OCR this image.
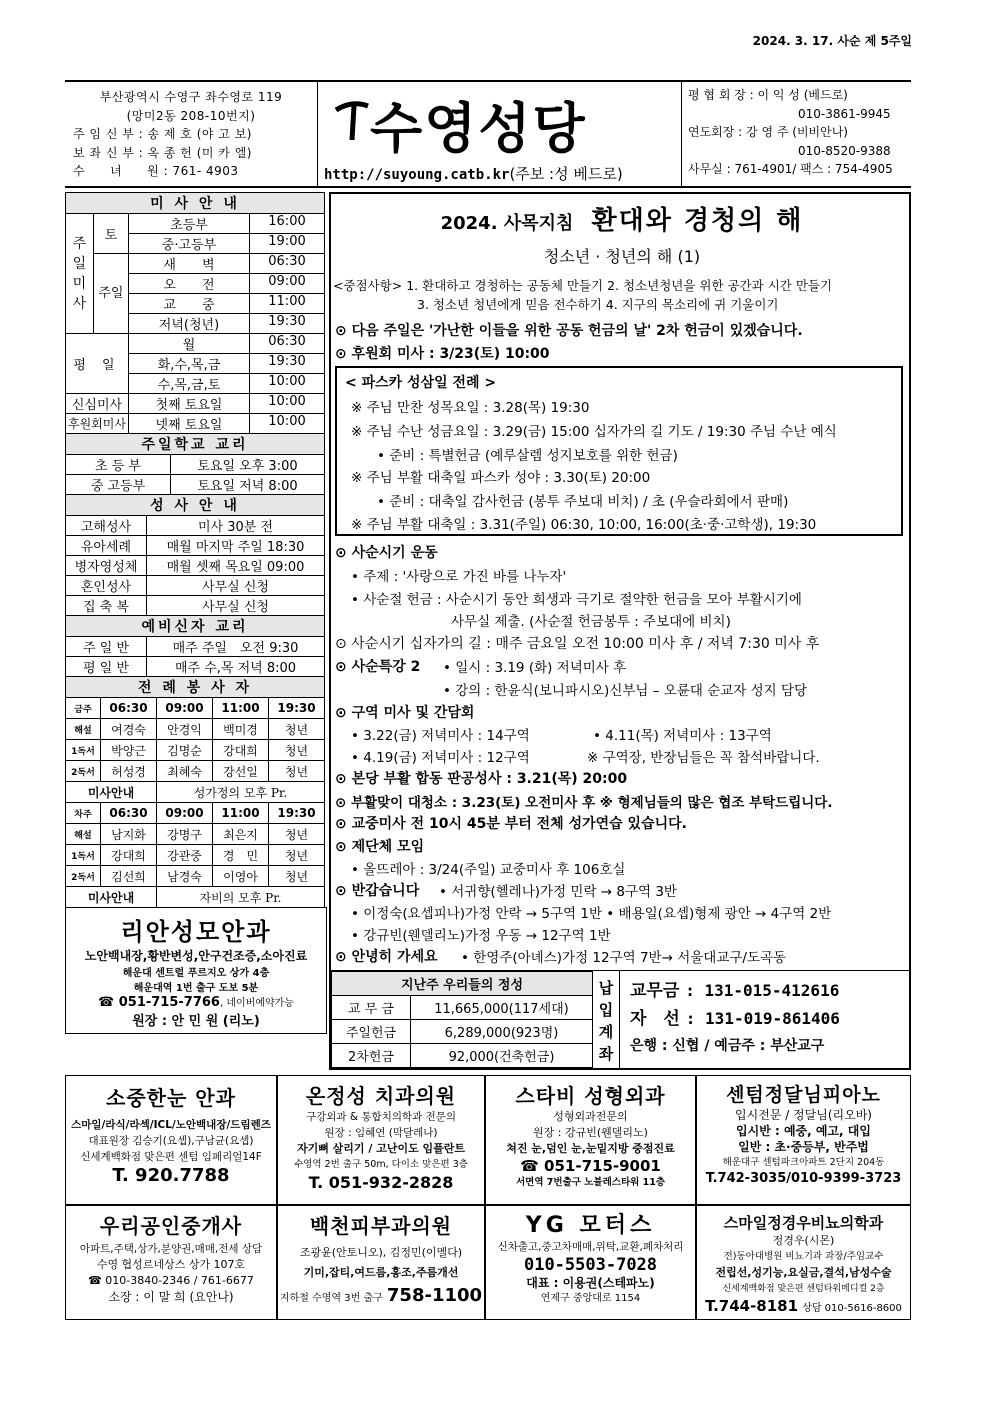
2024. 3. 17. 사순 제 5주일
부산광역시 수영구 좌수영로 119
(망미2동 208-10번지)
주 임 신 부 : 송 제 호 (야 고 보)
보 좌 신 부 : 옥 종 헌 (미 카 엘)
수　　녀　　원 : 761- 4903
수영성당
http://suyoung.catb.kr(주보 :성 베드로)
평 협 회 장 : 이 익 성 (베드로)
010-3861-9945
연도회장 : 강 영 주 (비비안나)
010-8520-9388
사무실 : 761-4901/ 팩스 : 754-4905
미 사 안 내		
주일미사	토	초등부 16:00

		중·고등부 19:00

	주일	새　　벽 06:30

		오　　전 09:00

		교　　중 11:00

		저녁(청년) 19:30

평 일		월 06:30

		화,수,목,금 19:30

		수,목,금,토 10:00

신심미사		첫째 토요일 10:00

후원회미사		넷째 토요일 10:00
주일학교 교리	
초 등 부	토요일 오후 3:00
중 고등부	토요일 저녁 8:00
성 사 안 내	
고해성사	미사 30분 전
유아세례	매월 마지막 주일 18:30
병자영성체	매월 셋째 목요일 09:00
혼인성사	사무실 신청
집 축 복	사무실 신청
예비신자 교리	
주 일 반	매주 주일　오전 9:30
평 일 반	매주 수,목 저녁 8:00
전 례 봉 사 자				
금주	06:30	09:00	11:00	19:30
해설	여경숙	안경익	백미경	청년
1독서	박양근	김명순	강대희	청년
2독서	허성경	최혜숙	강선일	청년
미사안내		성가정의 모후 Pr.		
차주	06:30	09:00	11:00	19:30
해설	남지화	강명구	최은지	청년
1독서	강대희	강관중	경　민	청년
2독서	김선희	남경숙	이영아	청년
미사안내		자비의 모후 Pr.		
리안성모안과
노안백내장,황반변성,안구건조증,소아진료
해운대 센트럴 푸르지오 상가 4층
해운대역 1번 출구 도보 5분
☎ 051-715-7766, 네이버예약가능
원장 : 안 민 원 (리노)
2024. 사목지침 환대와 경청의 해
청소년 · 청년의 해 (1)
<중점사항> 1. 환대하고 경청하는 공동체 만들기 2. 청소년청년을 위한 공간과 시간 만들기
3. 청소년 청년에게 믿음 전수하기 4. 지구의 목소리에 귀 기울이기
⊙ 다음 주일은 '가난한 이들을 위한 공동 헌금의 날' 2차 헌금이 있겠습니다.
⊙ 후원회 미사 : 3/23(토) 10:00
< 파스카 성삼일 전례 >
※ 주님 만찬 성목요일 : 3.28(목) 19:30
※ 주님 수난 성금요일 : 3.29(금) 15:00 십자가의 길 기도 / 19:30 주님 수난 예식
• 준비 : 특별헌금 (예루살렘 성지보호를 위한 헌금)
※ 주님 부활 대축일 파스카 성야 : 3.30(토) 20:00
• 준비 : 대축일 감사헌금 (봉투 주보대 비치) / 초 (우슬라회에서 판매)
※ 주님 부활 대축일 : 3.31(주일) 06:30, 10:00, 16:00(초·중·고학생), 19:30
⊙ 사순시기 운동
• 주제 : '사랑으로 가진 바를 나누자'
• 사순절 헌금 : 사순시기 동안 희생과 극기로 절약한 헌금을 모아 부활시기에
사무실 제출. (사순절 헌금봉투 : 주보대에 비치)
⊙ 사순시기 십자가의 길 : 매주 금요일 오전 10:00 미사 후 / 저녁 7:30 미사 후
⊙ 사순특강 2 • 일시 : 3.19 (화) 저녁미사 후
• 강의 : 한윤식(보니파시오)신부님 – 오륜대 순교자 성지 담당
⊙ 구역 미사 및 간담회
• 3.22(금) 저녁미사 : 14구역	• 4.11(목) 저녁미사 : 13구역
• 4.19(금) 저녁미사 : 12구역	※ 구역장, 반장님들은 꼭 참석바랍니다.
⊙ 본당 부활 합동 판공성사 : 3.21(목) 20:00
⊙ 부활맞이 대청소 : 3.23(토) 오전미사 후 ※ 형제님들의 많은 협조 부탁드립니다.
⊙ 교중미사 전 10시 45분 부터 전체 성가연습 있습니다.
⊙ 제단체 모임
• 올뜨레아 : 3/24(주일) 교중미사 후 106호실
⊙ 반갑습니다 • 서귀향(헬레나)가정 민락 → 8구역 3반
• 이정숙(요셉피나)가정 안락 → 5구역 1반 • 배용일(요셉)형제 광안 → 4구역 2반
• 강규빈(웬델리노)가정 우동 → 12구역 1반
⊙ 안녕히 가세요 • 한영주(아녜스)가정 12구역 7반→ 서울대교구/도곡동
지난주 우리들의 정성	
교 무 금	11,665,000(117세대)
주일헌금	6,289,000(923명)
2차헌금	92,000(건축헌금)
납입계좌
교무금 : 131-015-412616
자　선 : 131-019-861406
은행 : 신협 / 예금주 : 부산교구
소중한눈 안과
스마일/라식/라섹/ICL/노안백내장/드림렌즈
대표원장 김승기(요셉),구남균(요셉)
신세계백화점 맞은편 센텀 임페리얼14F
T. 920.7788
온정성 치과의원
구강외과 & 통합치의학과 전문의
원장 : 임혜연 (막달레나)
자기뼈 살리기 / 고난이도 임플란트
수영역 2번 출구 50m, 다이소 맞은편 3층
T. 051-932-2828
스타비 성형외과
성형외과전문의
원장 : 강규빈(웬델리노)
쳐진 눈,덤인 눈,눈밑지방 중점진료
☎ 051-715-9001
서면역 7번출구 노블레스타워 11층
센텀정달님피아노
입시전문 / 정달님(리오바)
입시반 : 예중, 예고, 대입
일반 : 초·중등부, 반주법
해운대구 센텀파크아파트 2단지 204동
T.742-3035/010-9399-3723
우리공인중개사
아파트,주택,상가,분양권,매매,전세 상담
수영 협성르네상스 상가 107호
☎ 010-3840-2346 / 761-6677
소장 : 이 말 희 (요안나)
백천피부과의원
조광윤(안토니오), 김정민(이멜다)
기미,잡티,여드름,홍조,주름개선
지하철 수영역 3번 출구 758-1100
YG 모터스
신차출고,중고차매매,위탁,교환,폐차처리
010-5503-7028
대표 : 이용권(스테파노)
연제구 중앙대로 1154
스마일정경우비뇨의학과
정경우(시몬)
전)동아대병원 비뇨기과 과장/주임교수
전립선,성기능,요실금,결석,남성수술
신세계백화점 맞은편 센텀타워메디컬 2층
T.744-8181 상담 010-5616-8600
